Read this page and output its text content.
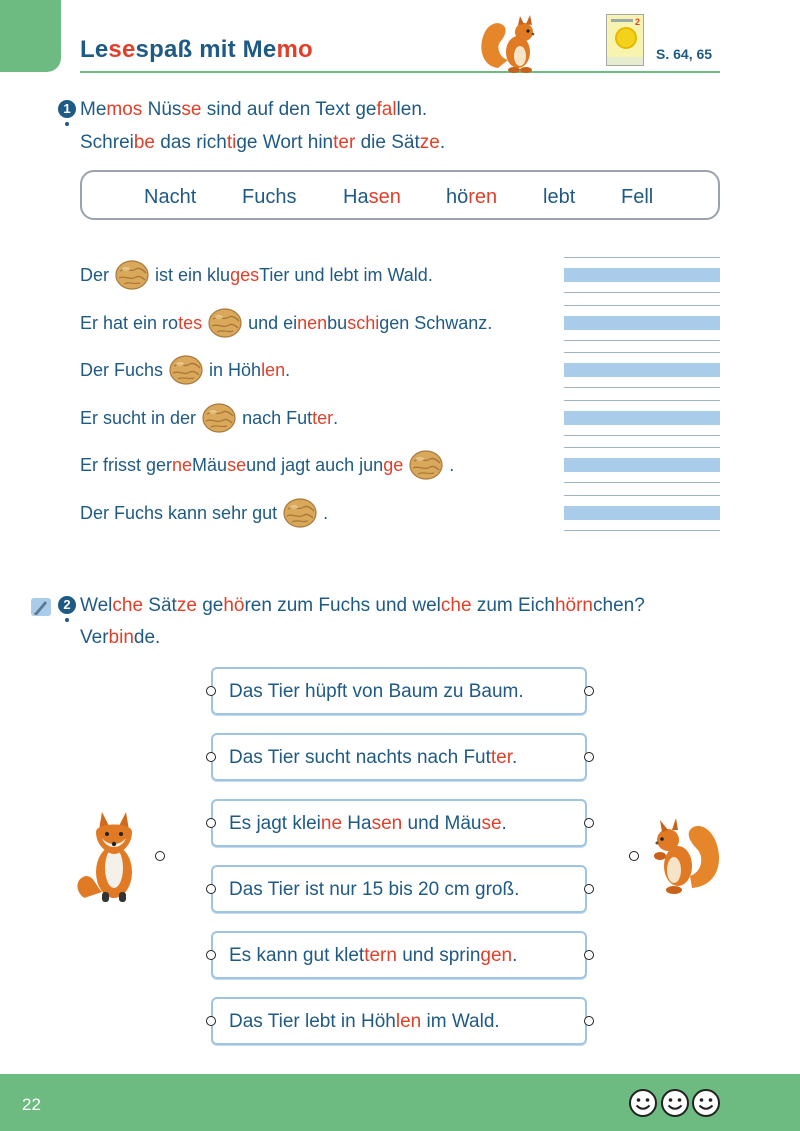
Lesespaß mit Memo
2
S. 64, 65
1 Memos Nüsse sind auf den Text gefallen.
Schreibe das richtige Wort hinter die Sätze.
Nacht Fuchs Hasen hören lebt Fell
Der	ist ein klugesTier und lebt im Wald.
Er hat ein rotes	und einenbuschigen Schwanz.
Der Fuchs	in Höhlen.
Er sucht in der	nach Futter.
Er frisst gerneMäuseund jagt auch junge	.
Der Fuchs kann sehr gut	.
2 Welche Sätze gehören zum Fuchs und welche zum Eichhörnchen?
Verbinde.
Das Tier hüpft von Baum zu Baum.
Das Tier sucht nachts nach Futter.
Es jagt kleine Hasen und Mäuse.
Das Tier ist nur 15 bis 20 cm groß.
Es kann gut klettern und springen.
Das Tier lebt in Höhlen im Wald.
22
